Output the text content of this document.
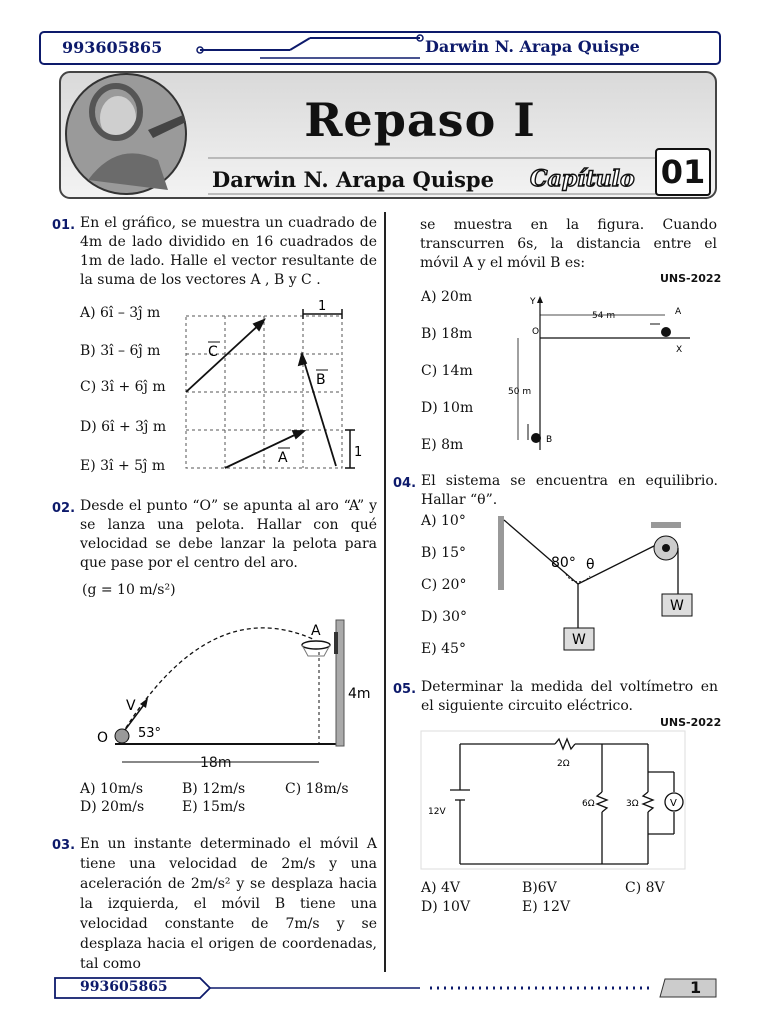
993605865	Darwin N. Arapa Quispe
Repaso I
Darwin N. Arapa Quispe Capítulo 01
01. En el gráfico, se muestra un cuadrado de 4m de lado dividido en 16 cuadrados de 1m de lado. Halle el vector resultante de la suma de los vectores A , B y C .
A) 6î – 3ĵ m
B) 3î – 6ĵ m
C) 3î + 6ĵ m
D) 6î + 3ĵ m
E) 3î + 5ĵ m
1
1
C
B
A
02. Desde el punto “O” se apunta al aro “A” y se lanza una pelota. Hallar con qué velocidad se debe lanzar la pelota para que pase por el centro del aro.
(g = 10 m/s²)
V
O 53°
A
4m
18m
A) 10m/s	B) 12m/s	C) 18m/s
D) 20m/s	E) 15m/s
03. En un instante determinado el móvil A tiene una velocidad de 2m/s y una aceleración de 2m/s² y se desplaza hacia la izquierda, el móvil B tiene una velocidad constante de 7m/s y se desplaza hacia el origen de coordenadas, tal como
se muestra en la figura. Cuando transcurren 6s, la distancia entre el móvil A y el móvil B es:
UNS-2022
A) 20m
B) 18m
C) 14m
D) 10m
E) 8m
Y
X
O
54 m	A
50 m
B
04. El sistema se encuentra en equilibrio. Hallar “θ”.
A) 10°
B) 15°
C) 20°
D) 30°
E) 45°
80° θ
W
W
05. Determinar la medida del voltímetro en el siguiente circuito eléctrico.
UNS-2022
2Ω
6Ω	3Ω
12V
V
A) 4V	B)6V	C) 8V
D) 10V	E) 12V
993605865	1
